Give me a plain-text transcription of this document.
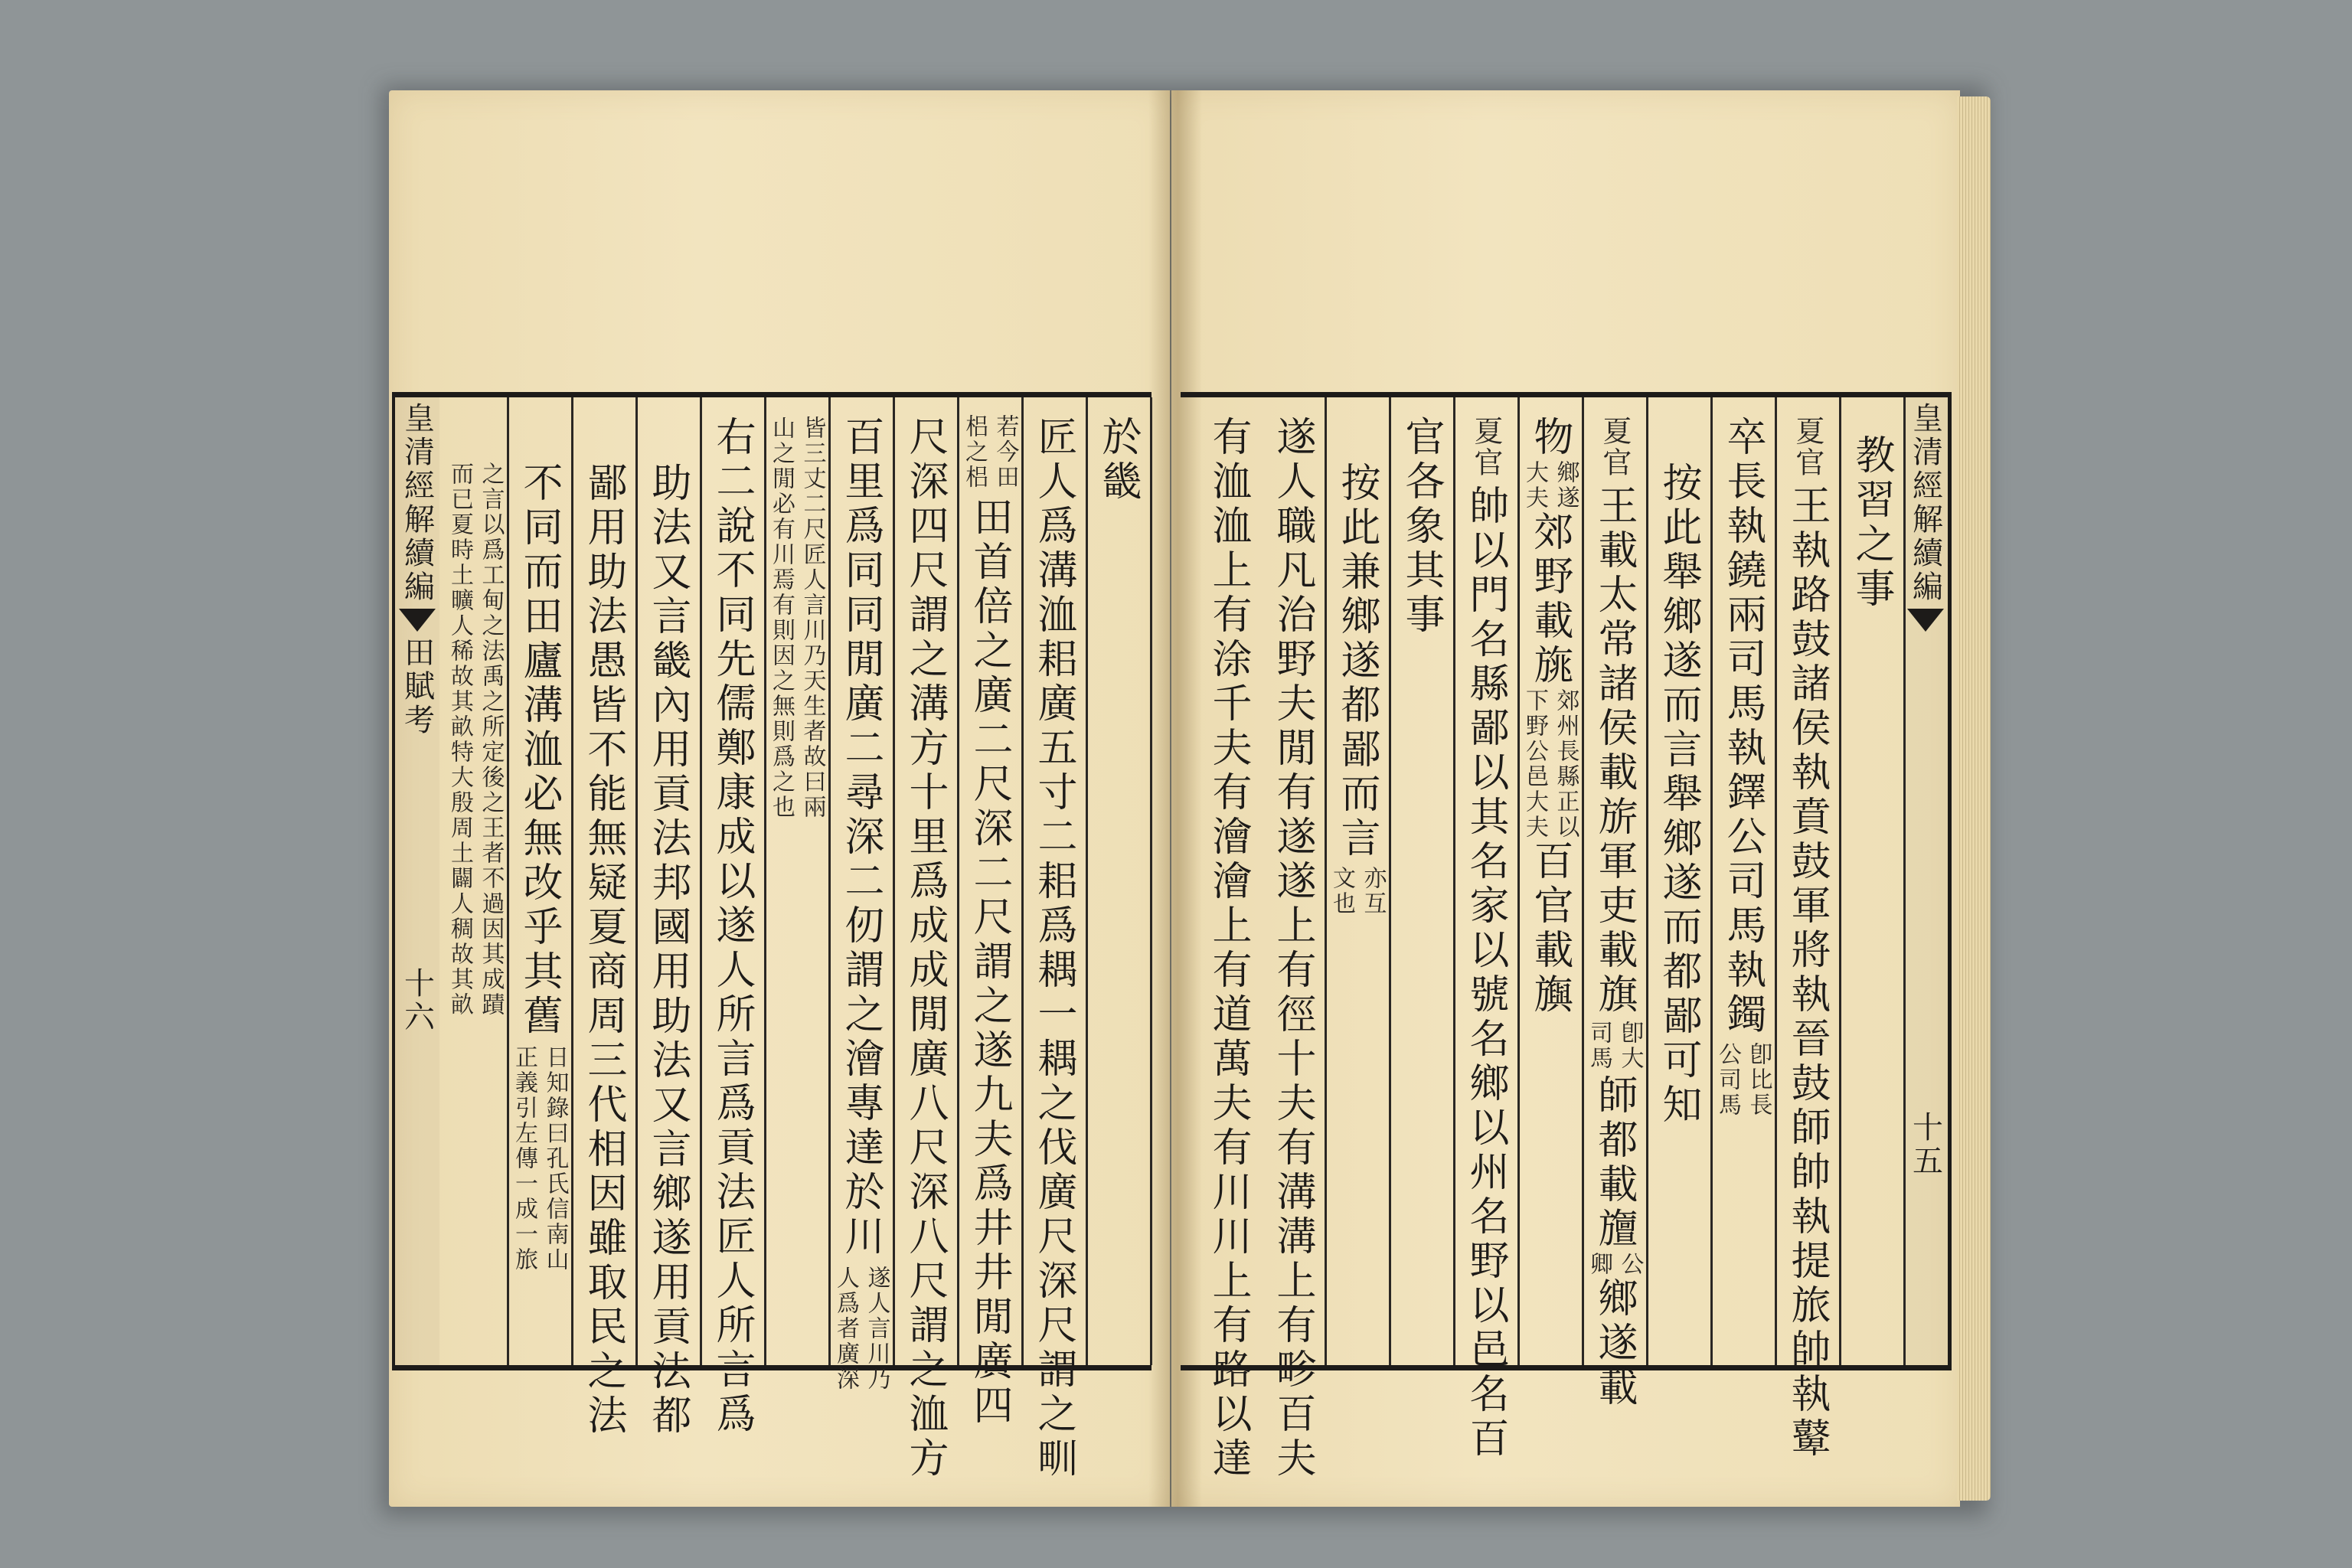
於畿
匠人爲溝洫耜廣五寸二耜爲耦一耦之伐廣尺深尺謂之甽
若今田
梠之梠
田首倍之廣二尺深二尺謂之遂九夫爲井井閒廣四
尺深四尺謂之溝方十里爲成成閒廣八尺深八尺謂之洫方
百里爲同同閒廣二尋深二仞謂之澮專達於川
遂人言川乃
人爲者廣深
皆三丈二尺匠人言川乃天生者故曰兩
山之閒必有川焉有則因之無則爲之也
右二說不同先儒鄭康成以遂人所言爲貢法匠人所言爲
助法又言畿內用貢法邦國用助法又言鄉遂用貢法都
鄙用助法愚皆不能無疑夏商周三代相因雖取民之法
不同而田廬溝洫必無改乎其舊
日知錄曰孔氏信南山
正義引左傳一成一旅
之言以爲工甸之法禹之所定後之王者不過因其成蹟
而已夏時土曠人稀故其畝特大殷周土闢人稠故其畝
皇清經解續編
田賦考
十六
皇清經解續編
十五
教習之事
夏官
王執路鼓諸侯執賁鼓軍將執晉鼓師帥執提旅帥執鼙
卒長執鐃兩司馬執鐸公司馬執鐲
卽比長
公司馬
按此舉鄉遂而言舉鄉遂而都鄙可知
夏官
王載太常諸侯載旂軍吏載旗
卽大
司馬
師都載旜
公
卿
鄉遂載
物
鄉遂
大夫
郊野載旐
郊州長縣正以
下野公邑大夫
百官載旟
夏官
帥以門名縣鄙以其名家以號名鄉以州名野以邑名百
官各象其事
按此兼鄉遂都鄙而言
亦互
文也
遂人職凡治野夫閒有遂遂上有徑十夫有溝溝上有畛百夫
有洫洫上有涂千夫有澮澮上有道萬夫有川川上有路以達
